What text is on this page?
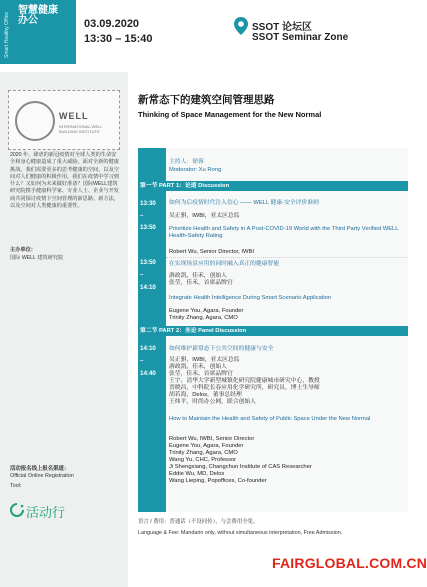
Smart Healthy Office
智慧健康办公	03.09.2020
13:30 – 15:40
SSOT 论坛区
SSOT Seminar Zone
WELL
INTERNATIONAL WELL BUILDING INSTITUTE
2020 年，肆虐的新冠疫情对全球人类的生命安全和身心健康造成了重大威胁。面对全新的健康挑战，我们需要更多的思考健康的空间，以及空间对人们健康的积极作用。我们在疫情中学习到什么？又如何为未来做好准备？国际WELL建筑研究院携手健康科学家、专业人士、企业与开发商共同探讨疫情下空间管理的新思路、新方法，以及空间对人类健康的重要性。
主办单位：
国际 WELL 建筑研究院
活动报名线上报名渠道：
Official Online Registration
Tool:
活动行
新常态下的建筑空间管理思路
Thinking of Space Management for the New Normal
主持人：徐蓉
Moderator: Xu Rong
第一节 PART 1：论道 Discussion
13:30
–
13:50
如何为后疫情时代注入信心 —— WELL 健康-安全评价准则
吴正骐，IWBI，亚太区总监
Prioritize Health and Safety in A Post-COVID-19 World with the Third Party Verified WELL Health-Safety Rating
Robert Wu, Senior Director, IWBI
13:50
–
14:10
在实现场景应用的同时融入真正的健康智能
游政凯，佳禾，创始人
张莹，佳禾，首席品牌官
Integrate Health Intelligence During Smart Scenario Application
Eugene You, Agara, Founder
Trinity Zhang, Agara, CMO
第二节 PART 2：坐论 Panel Discussion
14:10
–
14:40
如何维护新常态下公共空间的健康与安全
吴正骐，IWBI，亚太区总监
游政凯，佳禾，创始人
张莹，佳禾，首席品牌官
王宇，清华大学新型城镇化研究院健康城市研究中心，教授
晋晓昌，中科院长春应用化学研究所，研究员，博士生导师
胡若海，Delos，董事总经理
王炜平，时尚办公网，联合创始人
How to Maintain the Health and Safety of Public Space Under the New Normal
Robert Wu, IWBI, Senior Director
Eugene You, Agara, Founder
Trinity Zhang, Agara, CMO
Wang Yu, CHC, Professor
Ji Shengxiang, Changchun Institute of CAS Researcher
Eddie Wu, MD, Delos
Wang Lieping, Popoffices, Co-founder
语言 / 费用：普通话（不设同传），与会费用全免。
Language & Fee: Mandarin only, without simultaneous interpretation, Free Admission.
FAIRGLOBAL.COM.CN
